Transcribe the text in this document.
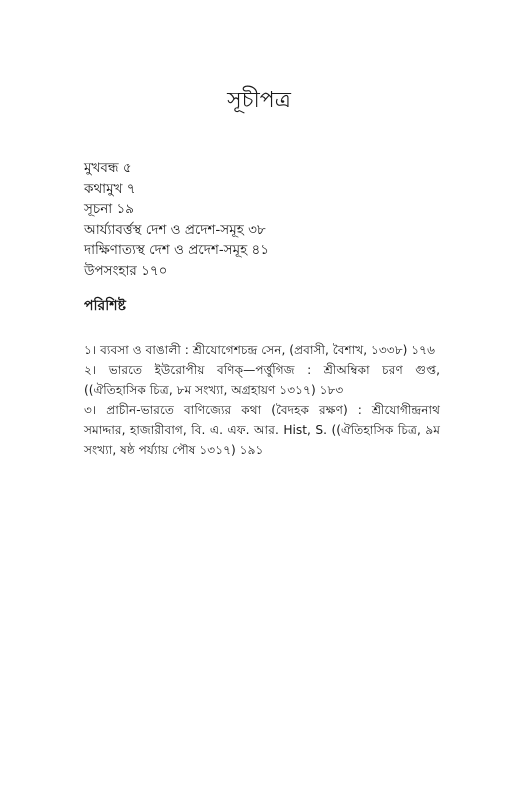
সূচীপত্র
মুখবন্ধ ৫
কথামুখ ৭
সূচনা ১৯
আর্য্যাবর্ত্তস্থ দেশ ও প্রদেশ-সমূহ ৩৮
দাক্ষিণাত্যস্থ দেশ ও প্রদেশ-সমূহ ৪১
উপসংহার ১৭০
পরিশিষ্ট
১। ব্যবসা ও বাঙালী : শ্রীযোগেশচন্দ্র সেন, (প্রবাসী, বৈশাখ, ১৩৩৮) ১৭৬
২। ভারতে ইউরোপীয় বণিক্—পর্ত্তুগিজ : শ্রীঅম্বিকা চরণ গুপ্ত, ((ঐতিহাসিক চিত্র, ৮ম সংখ্যা, অগ্রহায়ণ ১৩১৭) ১৮৩
৩। প্রাচীন-ভারতে বাণিজ্যের কথা (বৈদহক রক্ষণ) : শ্রীযোগীন্দ্রনাথ সমাদ্দার, হাজারীবাগ, বি. এ. এফ. আর. Hist, S. ((ঐতিহাসিক চিত্র, ৯ম সংখ্যা, ষষ্ঠ পর্য্যায় পৌষ ১৩১৭) ১৯১
